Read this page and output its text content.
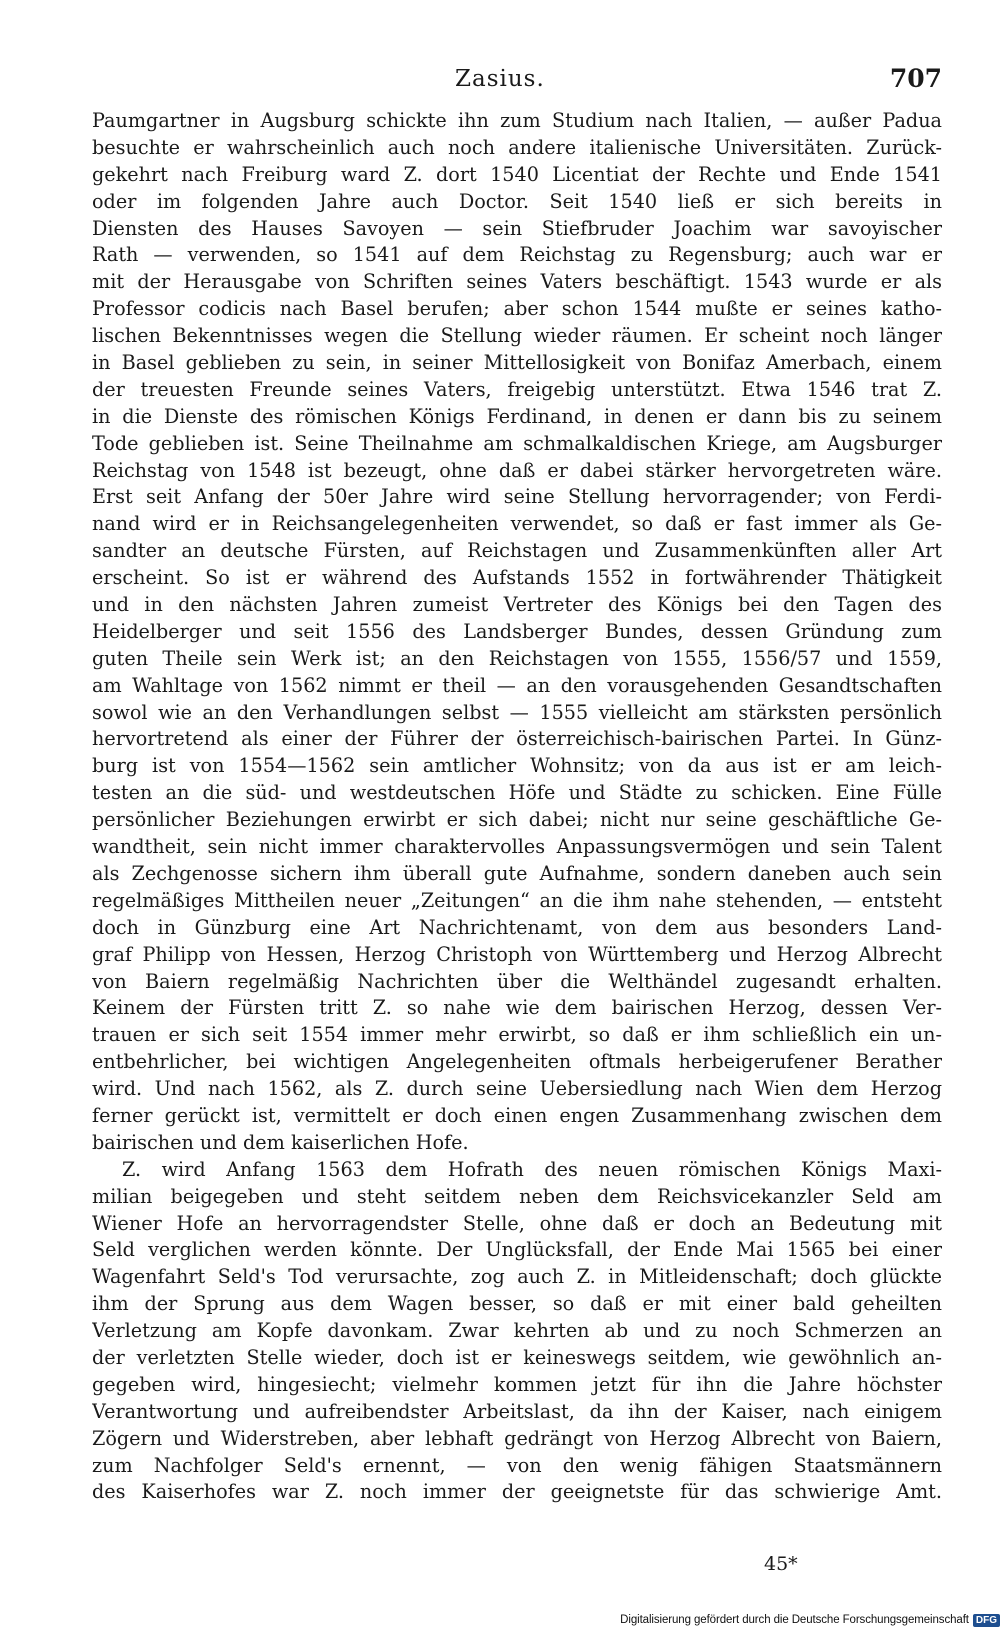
Zasius.	707
Paumgartner in Augsburg schickte ihn zum Studium nach Italien, — außer Padua
besuchte er wahrscheinlich auch noch andere italienische Universitäten. Zurück-
gekehrt nach Freiburg ward Z. dort 1540 Licentiat der Rechte und Ende 1541
oder im folgenden Jahre auch Doctor. Seit 1540 ließ er sich bereits in
Diensten des Hauses Savoyen — sein Stiefbruder Joachim war savoyischer
Rath — verwenden, so 1541 auf dem Reichstag zu Regensburg; auch war er
mit der Herausgabe von Schriften seines Vaters beschäftigt. 1543 wurde er als
Professor codicis nach Basel berufen; aber schon 1544 mußte er seines katho-
lischen Bekenntnisses wegen die Stellung wieder räumen. Er scheint noch länger
in Basel geblieben zu sein, in seiner Mittellosigkeit von Bonifaz Amerbach, einem
der treuesten Freunde seines Vaters, freigebig unterstützt. Etwa 1546 trat Z.
in die Dienste des römischen Königs Ferdinand, in denen er dann bis zu seinem
Tode geblieben ist. Seine Theilnahme am schmalkaldischen Kriege, am Augsburger
Reichstag von 1548 ist bezeugt, ohne daß er dabei stärker hervorgetreten wäre.
Erst seit Anfang der 50er Jahre wird seine Stellung hervorragender; von Ferdi-
nand wird er in Reichsangelegenheiten verwendet, so daß er fast immer als Ge-
sandter an deutsche Fürsten, auf Reichstagen und Zusammenkünften aller Art
erscheint. So ist er während des Aufstands 1552 in fortwährender Thätigkeit
und in den nächsten Jahren zumeist Vertreter des Königs bei den Tagen des
Heidelberger und seit 1556 des Landsberger Bundes, dessen Gründung zum
guten Theile sein Werk ist; an den Reichstagen von 1555, 1556/57 und 1559,
am Wahltage von 1562 nimmt er theil — an den vorausgehenden Gesandtschaften
sowol wie an den Verhandlungen selbst — 1555 vielleicht am stärksten persönlich
hervortretend als einer der Führer der österreichisch-bairischen Partei. In Günz-
burg ist von 1554—1562 sein amtlicher Wohnsitz; von da aus ist er am leich-
testen an die süd- und westdeutschen Höfe und Städte zu schicken. Eine Fülle
persönlicher Beziehungen erwirbt er sich dabei; nicht nur seine geschäftliche Ge-
wandtheit, sein nicht immer charaktervolles Anpassungsvermögen und sein Talent
als Zechgenosse sichern ihm überall gute Aufnahme, sondern daneben auch sein
regelmäßiges Mittheilen neuer „Zeitungen“ an die ihm nahe stehenden, — entsteht
doch in Günzburg eine Art Nachrichtenamt, von dem aus besonders Land-
graf Philipp von Hessen, Herzog Christoph von Württemberg und Herzog Albrecht
von Baiern regelmäßig Nachrichten über die Welthändel zugesandt erhalten.
Keinem der Fürsten tritt Z. so nahe wie dem bairischen Herzog, dessen Ver-
trauen er sich seit 1554 immer mehr erwirbt, so daß er ihm schließlich ein un-
entbehrlicher, bei wichtigen Angelegenheiten oftmals herbeigerufener Berather
wird. Und nach 1562, als Z. durch seine Uebersiedlung nach Wien dem Herzog
ferner gerückt ist, vermittelt er doch einen engen Zusammenhang zwischen dem
bairischen und dem kaiserlichen Hofe.
Z. wird Anfang 1563 dem Hofrath des neuen römischen Königs Maxi-
milian beigegeben und steht seitdem neben dem Reichsvicekanzler Seld am
Wiener Hofe an hervorragendster Stelle, ohne daß er doch an Bedeutung mit
Seld verglichen werden könnte. Der Unglücksfall, der Ende Mai 1565 bei einer
Wagenfahrt Seld's Tod verursachte, zog auch Z. in Mitleidenschaft; doch glückte
ihm der Sprung aus dem Wagen besser, so daß er mit einer bald geheilten
Verletzung am Kopfe davonkam. Zwar kehrten ab und zu noch Schmerzen an
der verletzten Stelle wieder, doch ist er keineswegs seitdem, wie gewöhnlich an-
gegeben wird, hingesiecht; vielmehr kommen jetzt für ihn die Jahre höchster
Verantwortung und aufreibendster Arbeitslast, da ihn der Kaiser, nach einigem
Zögern und Widerstreben, aber lebhaft gedrängt von Herzog Albrecht von Baiern,
zum Nachfolger Seld's ernennt, — von den wenig fähigen Staatsmännern
des Kaiserhofes war Z. noch immer der geeignetste für das schwierige Amt.
45*
Digitalisierung gefördert durch die Deutsche Forschungsgemeinschaft DFG
